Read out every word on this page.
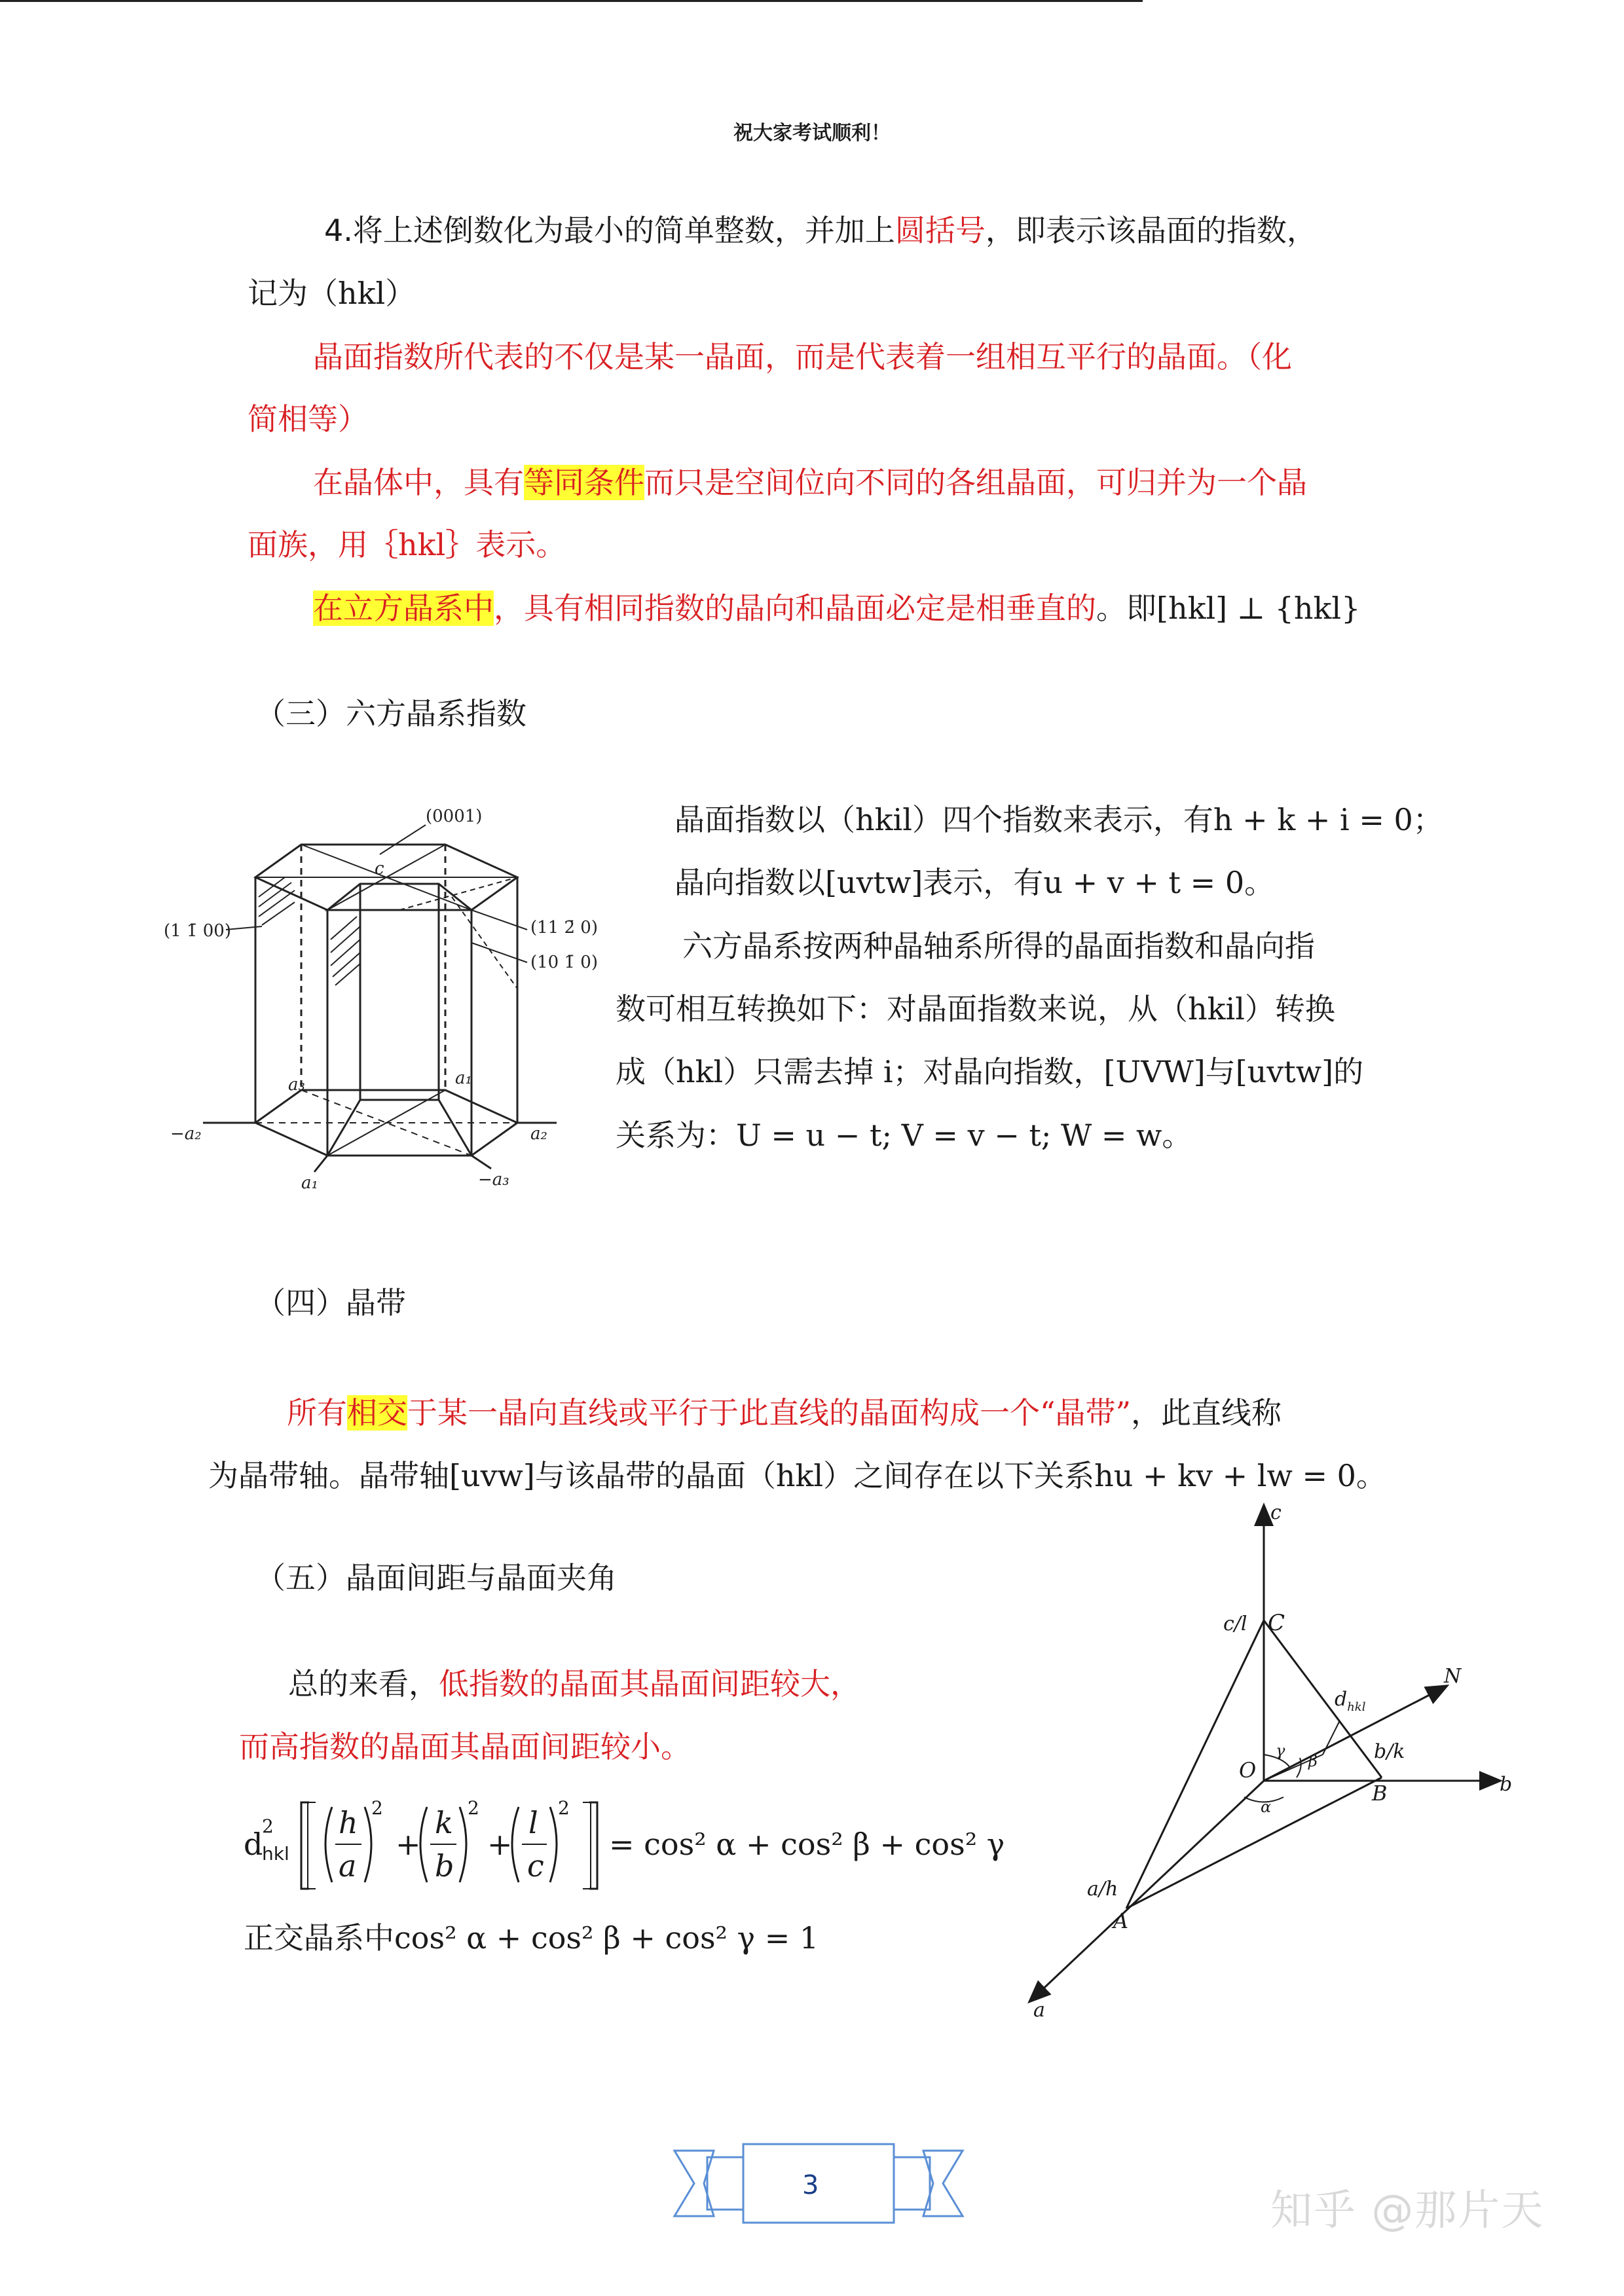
祝大家考试顺利！
4.将上述倒数化为最小的简单整数，并加上圆括号，即表示该晶面的指数，
记为（hkl）
晶面指数所代表的不仅是某一晶面，而是代表着一组相互平行的晶面。（化
简相等）
在晶体中，具有等同条件而只是空间位向不同的各组晶面，可归并为一个晶
面族，用｛hkl｝表示。
在立方晶系中，具有相同指数的晶向和晶面必定是相垂直的。即[hkl] ⊥ {hkl}
（三）六方晶系指数
(0001)
(1 1̄ 00)	(11 2̄ 0)
(10 1̄ 0)
c
a₃	a₁
−a₂	a₂
a₁	−a₃
晶面指数以（hkil）四个指数来表示，有h + k + i = 0；
晶向指数以[uvtw]表示，有u + v + t = 0。
六方晶系按两种晶轴系所得的晶面指数和晶向指
数可相互转换如下：对晶面指数来说，从（hkil）转换
成（hkl）只需去掉 i；对晶向指数，[UVW]与[uvtw]的
关系为：U = u − t; V = v − t; W = w。
（四）晶带
所有相交于某一晶向直线或平行于此直线的晶面构成一个“晶带”，此直线称
为晶带轴。晶带轴[uvw]与该晶带的晶面（hkl）之间存在以下关系hu + kv + lw = 0。
（五）晶面间距与晶面夹角
总的来看，低指数的晶面其晶面间距较大，
而高指数的晶面其晶面间距较小。
d
2
hkl
h
a
2
+
k
b
2
+
l
c
2
= cos² α + cos² β + cos² γ
正交晶系中cos² α + cos² β + cos² γ = 1
c
c/l C
$d_{hkl}$
N
γ
β
O
α
b/k
B	b
a/h
A
a
3
知乎 @那片天
